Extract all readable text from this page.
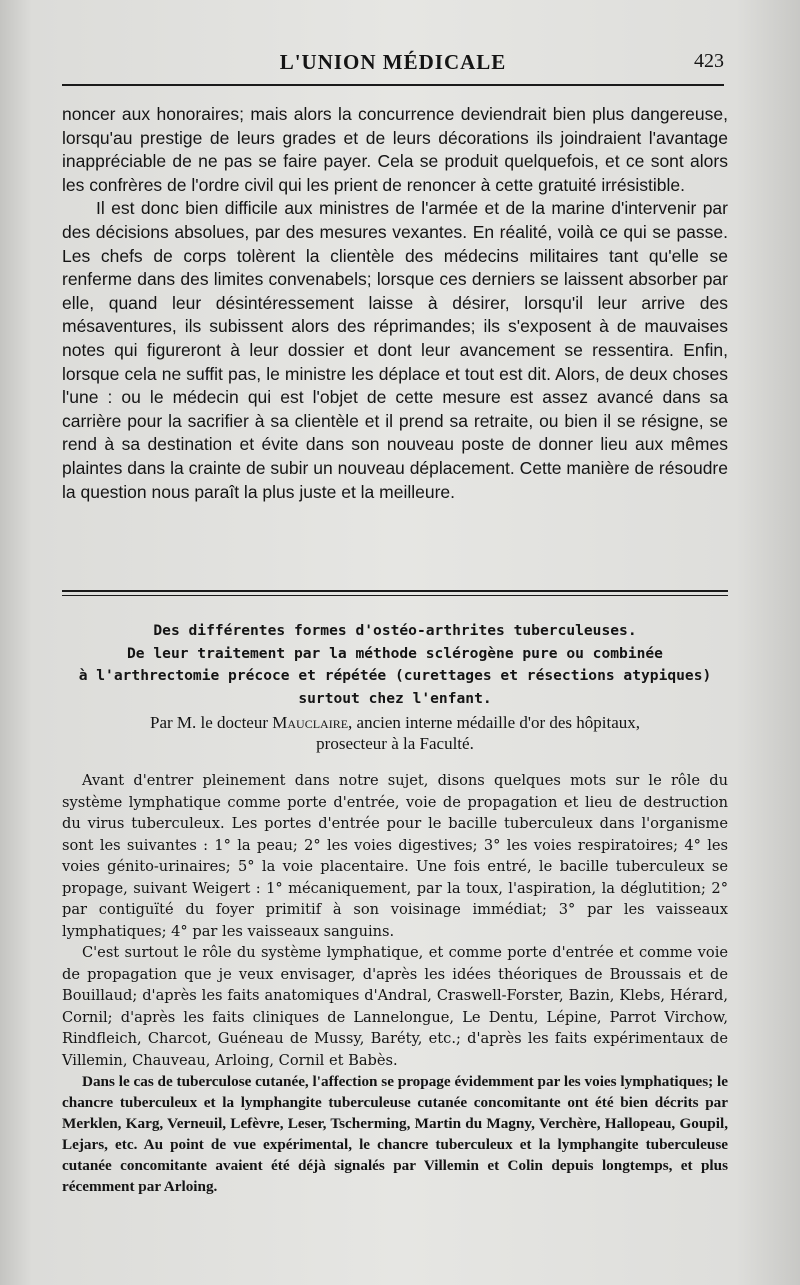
L'UNION MÉDICALE	423

noncer aux honoraires; mais alors la concurrence deviendrait bien plus dangereuse, lorsqu'au prestige de leurs grades et de leurs décorations ils joindraient l'avantage inappréciable de ne pas se faire payer. Cela se produit quelquefois, et ce sont alors les confrères de l'ordre civil qui les prient de renoncer à cette gratuité irrésistible.

Il est donc bien difficile aux ministres de l'armée et de la marine d'intervenir par des décisions absolues, par des mesures vexantes. En réalité, voilà ce qui se passe. Les chefs de corps tolèrent la clientèle des médecins militaires tant qu'elle se renferme dans des limites convenabels; lorsque ces derniers se laissent absorber par elle, quand leur désintéressement laisse à désirer, lorsqu'il leur arrive des mésaventures, ils subissent alors des réprimandes; ils s'exposent à de mauvaises notes qui figureront à leur dossier et dont leur avancement se ressentira. Enfin, lorsque cela ne suffit pas, le ministre les déplace et tout est dit. Alors, de deux choses l'une : ou le médecin qui est l'objet de cette mesure est assez avancé dans sa carrière pour la sacrifier à sa clientèle et il prend sa retraite, ou bien il se résigne, se rend à sa destination et évite dans son nouveau poste de donner lieu aux mêmes plaintes dans la crainte de subir un nouveau déplacement. Cette manière de résoudre la question nous paraît la plus juste et la meilleure.

Des différentes formes d'ostéo-arthrites tuberculeuses.
De leur traitement par la méthode sclérogène pure ou combinée
à l'arthrectomie précoce et répétée (curettages et résections atypiques)
surtout chez l'enfant.
Par M. le docteur Mauclaire, ancien interne médaille d'or des hôpitaux,
prosecteur à la Faculté.

Avant d'entrer pleinement dans notre sujet, disons quelques mots sur le rôle du système lymphatique comme porte d'entrée, voie de propagation et lieu de destruction du virus tuberculeux. Les portes d'entrée pour le bacille tuberculeux dans l'organisme sont les suivantes : 1° la peau; 2° les voies digestives; 3° les voies respiratoires; 4° les voies génito-urinaires; 5° la voie placentaire. Une fois entré, le bacille tuberculeux se propage, suivant Weigert : 1° mécaniquement, par la toux, l'aspiration, la déglutition; 2° par contiguïté du foyer primitif à son voisinage immédiat; 3° par les vaisseaux lymphatiques; 4° par les vaisseaux sanguins.

C'est surtout le rôle du système lymphatique, et comme porte d'entrée et comme voie de propagation que je veux envisager, d'après les idées théoriques de Broussais et de Bouillaud; d'après les faits anatomiques d'Andral, Craswell-Forster, Bazin, Klebs, Hérard, Cornil; d'après les faits cliniques de Lannelongue, Le Dentu, Lépine, Parrot Virchow, Rindfleich, Charcot, Guéneau de Mussy, Baréty, etc.; d'après les faits expérimentaux de Villemin, Chauveau, Arloing, Cornil et Babès.

Dans le cas de tuberculose cutanée, l'affection se propage évidemment par les voies lymphatiques; le chancre tuberculeux et la lymphangite tuberculeuse cutanée concomitante ont été bien décrits par Merklen, Karg, Verneuil, Lefèvre, Leser, Tscherming, Martin du Magny, Verchère, Hallopeau, Goupil, Lejars, etc. Au point de vue expérimental, le chancre tuberculeux et la lymphangite tuberculeuse cutanée concomitante avaient été déjà signalés par Villemin et Colin depuis longtemps, et plus récemment par Arloing.
